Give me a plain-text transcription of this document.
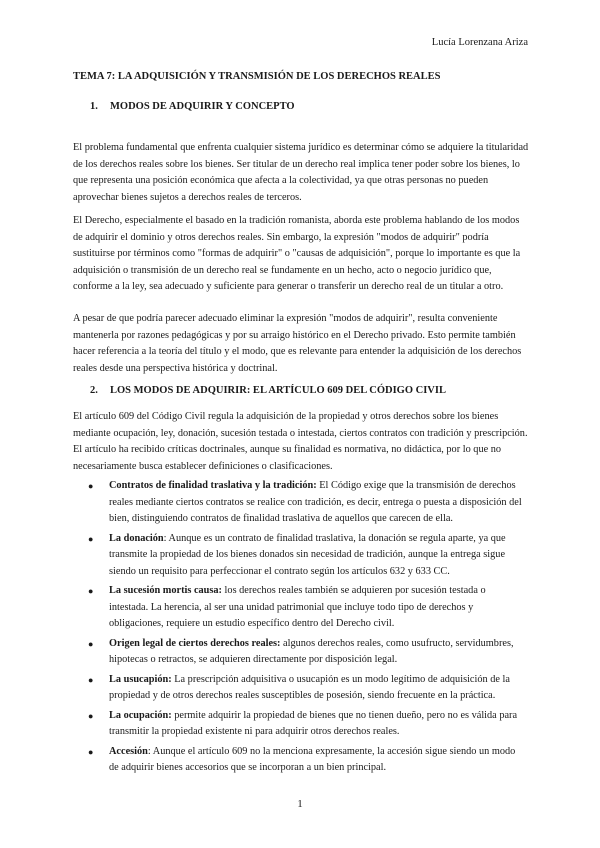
Lucía Lorenzana Ariza
TEMA 7: LA ADQUISICIÓN Y TRANSMISIÓN DE LOS DERECHOS REALES
1. MODOS DE ADQUIRIR Y CONCEPTO
El problema fundamental que enfrenta cualquier sistema jurídico es determinar cómo se adquiere la titularidad de los derechos reales sobre los bienes. Ser titular de un derecho real implica tener poder sobre los bienes, lo que representa una posición económica que afecta a la colectividad, ya que otras personas no pueden aprovechar bienes sujetos a derechos reales de terceros.
El Derecho, especialmente el basado en la tradición romanista, aborda este problema hablando de los modos de adquirir el dominio y otros derechos reales. Sin embargo, la expresión "modos de adquirir" podría sustituirse por términos como "formas de adquirir" o "causas de adquisición", porque lo importante es que la adquisición o transmisión de un derecho real se fundamente en un hecho, acto o negocio jurídico que, conforme a la ley, sea adecuado y suficiente para generar o transferir un derecho real de un titular a otro.
A pesar de que podría parecer adecuado eliminar la expresión "modos de adquirir", resulta conveniente mantenerla por razones pedagógicas y por su arraigo histórico en el Derecho privado. Esto permite también hacer referencia a la teoría del título y el modo, que es relevante para entender la adquisición de los derechos reales desde una perspectiva histórica y doctrinal.
2. LOS MODOS DE ADQUIRIR: EL ARTÍCULO 609 DEL CÓDIGO CIVIL
El artículo 609 del Código Civil regula la adquisición de la propiedad y otros derechos sobre los bienes mediante ocupación, ley, donación, sucesión testada o intestada, ciertos contratos con tradición y prescripción. El artículo ha recibido críticas doctrinales, aunque su finalidad es normativa, no didáctica, por lo que no necesariamente busca establecer definiciones o clasificaciones.
● Contratos de finalidad traslativa y la tradición: El Código exige que la transmisión de derechos reales mediante ciertos contratos se realice con tradición, es decir, entrega o puesta a disposición del bien, distinguiendo contratos de finalidad traslativa de aquellos que carecen de ella.
● La donación: Aunque es un contrato de finalidad traslativa, la donación se regula aparte, ya que transmite la propiedad de los bienes donados sin necesidad de tradición, aunque la entrega sigue siendo un requisito para perfeccionar el contrato según los artículos 632 y 633 CC.
● La sucesión mortis causa: los derechos reales también se adquieren por sucesión testada o intestada. La herencia, al ser una unidad patrimonial que incluye todo tipo de derechos y obligaciones, requiere un estudio específico dentro del Derecho civil.
● Origen legal de ciertos derechos reales: algunos derechos reales, como usufructo, servidumbres, hipotecas o retractos, se adquieren directamente por disposición legal.
● La usucapión: La prescripción adquisitiva o usucapión es un modo legítimo de adquisición de la propiedad y de otros derechos reales susceptibles de posesión, siendo frecuente en la práctica.
● La ocupación: permite adquirir la propiedad de bienes que no tienen dueño, pero no es válida para transmitir la propiedad existente ni para adquirir otros derechos reales.
● Accesión: Aunque el artículo 609 no la menciona expresamente, la accesión sigue siendo un modo de adquirir bienes accesorios que se incorporan a un bien principal.
1
